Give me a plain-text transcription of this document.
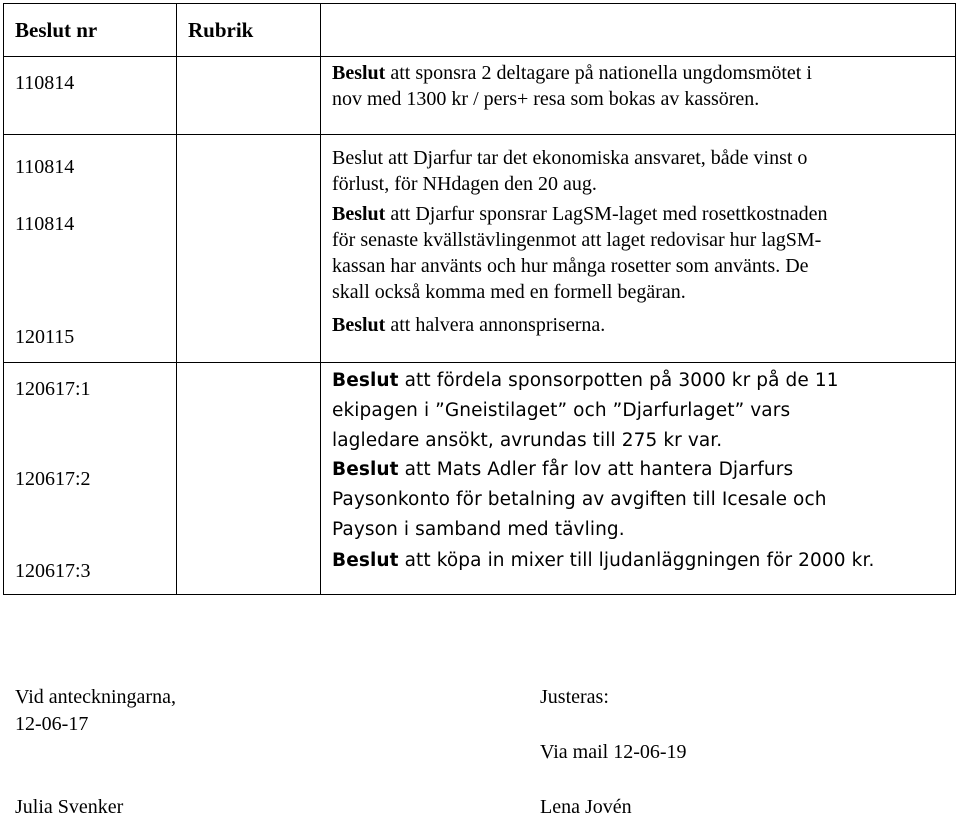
Beslut nr	Rubrik
110814
110814
110814
120115
120617:1
120617:2
120617:3
Beslut att sponsra 2 deltagare på nationella ungdomsmötet i
nov med 1300 kr / pers+ resa som bokas av kassören.
Beslut att Djarfur tar det ekonomiska ansvaret, både vinst o
förlust, för NHdagen den 20 aug.
Beslut att Djarfur sponsrar LagSM-laget med rosettkostnaden
för senaste kvällstävlingenmot att laget redovisar hur lagSM-
kassan har använts och hur många rosetter som använts. De
skall också komma med en formell begäran.
Beslut att halvera annonspriserna.
Beslut att fördela sponsorpotten på 3000 kr på de 11
ekipagen i ”Gneistilaget” och ”Djarfurlaget” vars
lagledare ansökt, avrundas till 275 kr var.
Beslut att Mats Adler får lov att hantera Djarfurs
Paysonkonto för betalning av avgiften till Icesale och
Payson i samband med tävling.
Beslut att köpa in mixer till ljudanläggningen för 2000 kr.
Vid anteckningarna,
12-06-17
Julia Svenker
Justeras:
Via mail 12-06-19
Lena Jovén
